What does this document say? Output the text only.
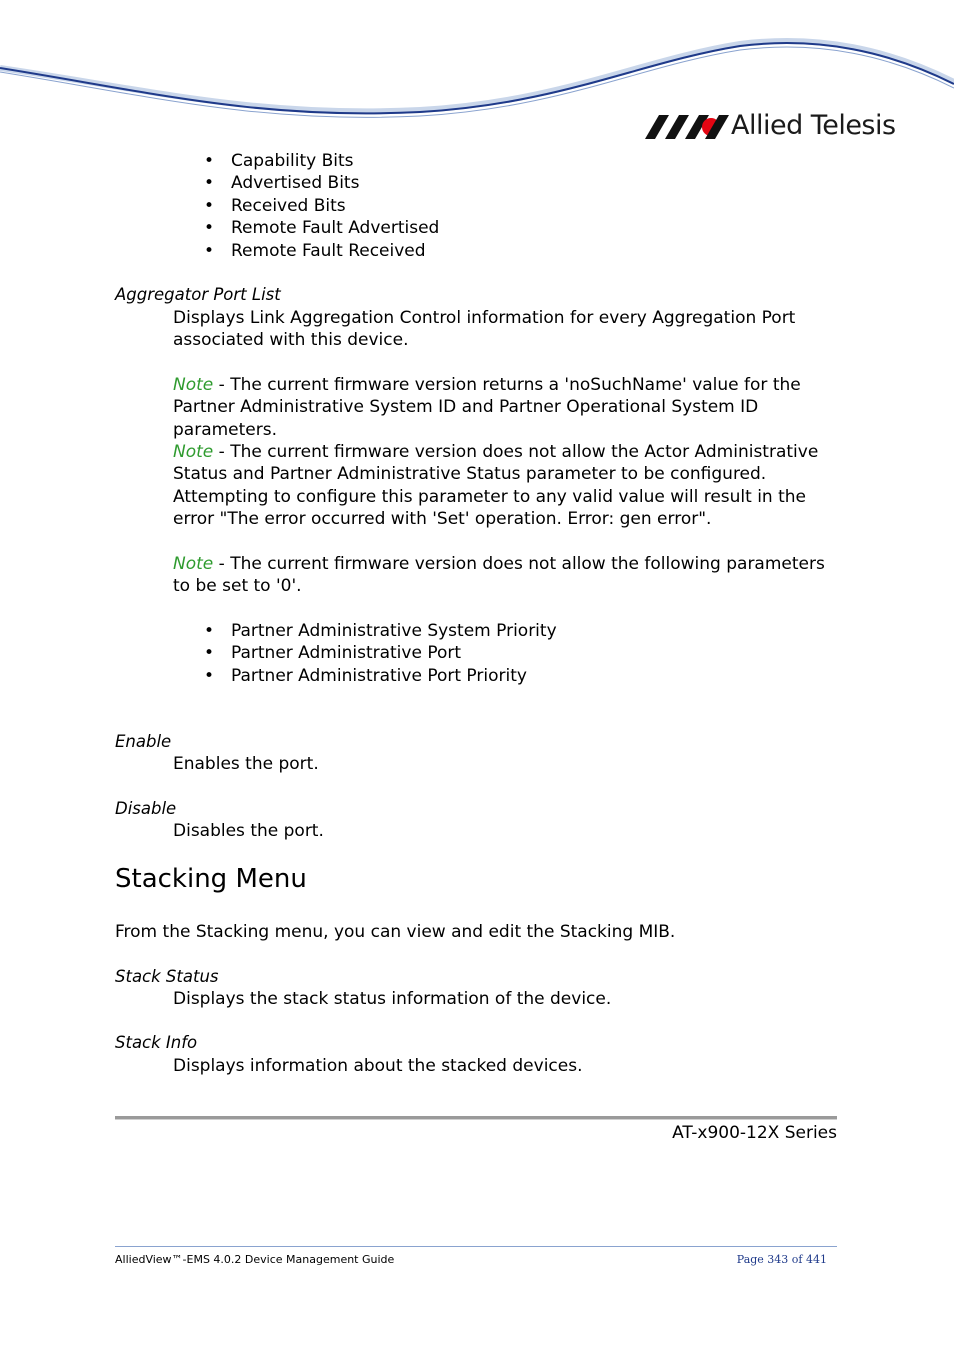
Allied Telesis
• Capability Bits
• Advertised Bits
• Received Bits
• Remote Fault Advertised
• Remote Fault Received
Aggregator Port List
Displays Link Aggregation Control information for every Aggregation Port associated with this device.
Note - The current firmware version returns a 'noSuchName' value for the Partner Administrative System ID and Partner Operational System ID parameters.
Note - The current firmware version does not allow the Actor Administrative Status and Partner Administrative Status parameter to be configured. Attempting to configure this parameter to any valid value will result in the error "The error occurred with 'Set' operation. Error: gen error".
Note - The current firmware version does not allow the following parameters to be set to '0'.
• Partner Administrative System Priority
• Partner Administrative Port
• Partner Administrative Port Priority
Enable
Enables the port.
Disable
Disables the port.
Stacking Menu
From the Stacking menu, you can view and edit the Stacking MIB.
Stack Status
Displays the stack status information of the device.
Stack Info
Displays information about the stacked devices.
AT-x900-12X Series
AlliedView™-EMS 4.0.2 Device Management Guide	Page 343 of 441
